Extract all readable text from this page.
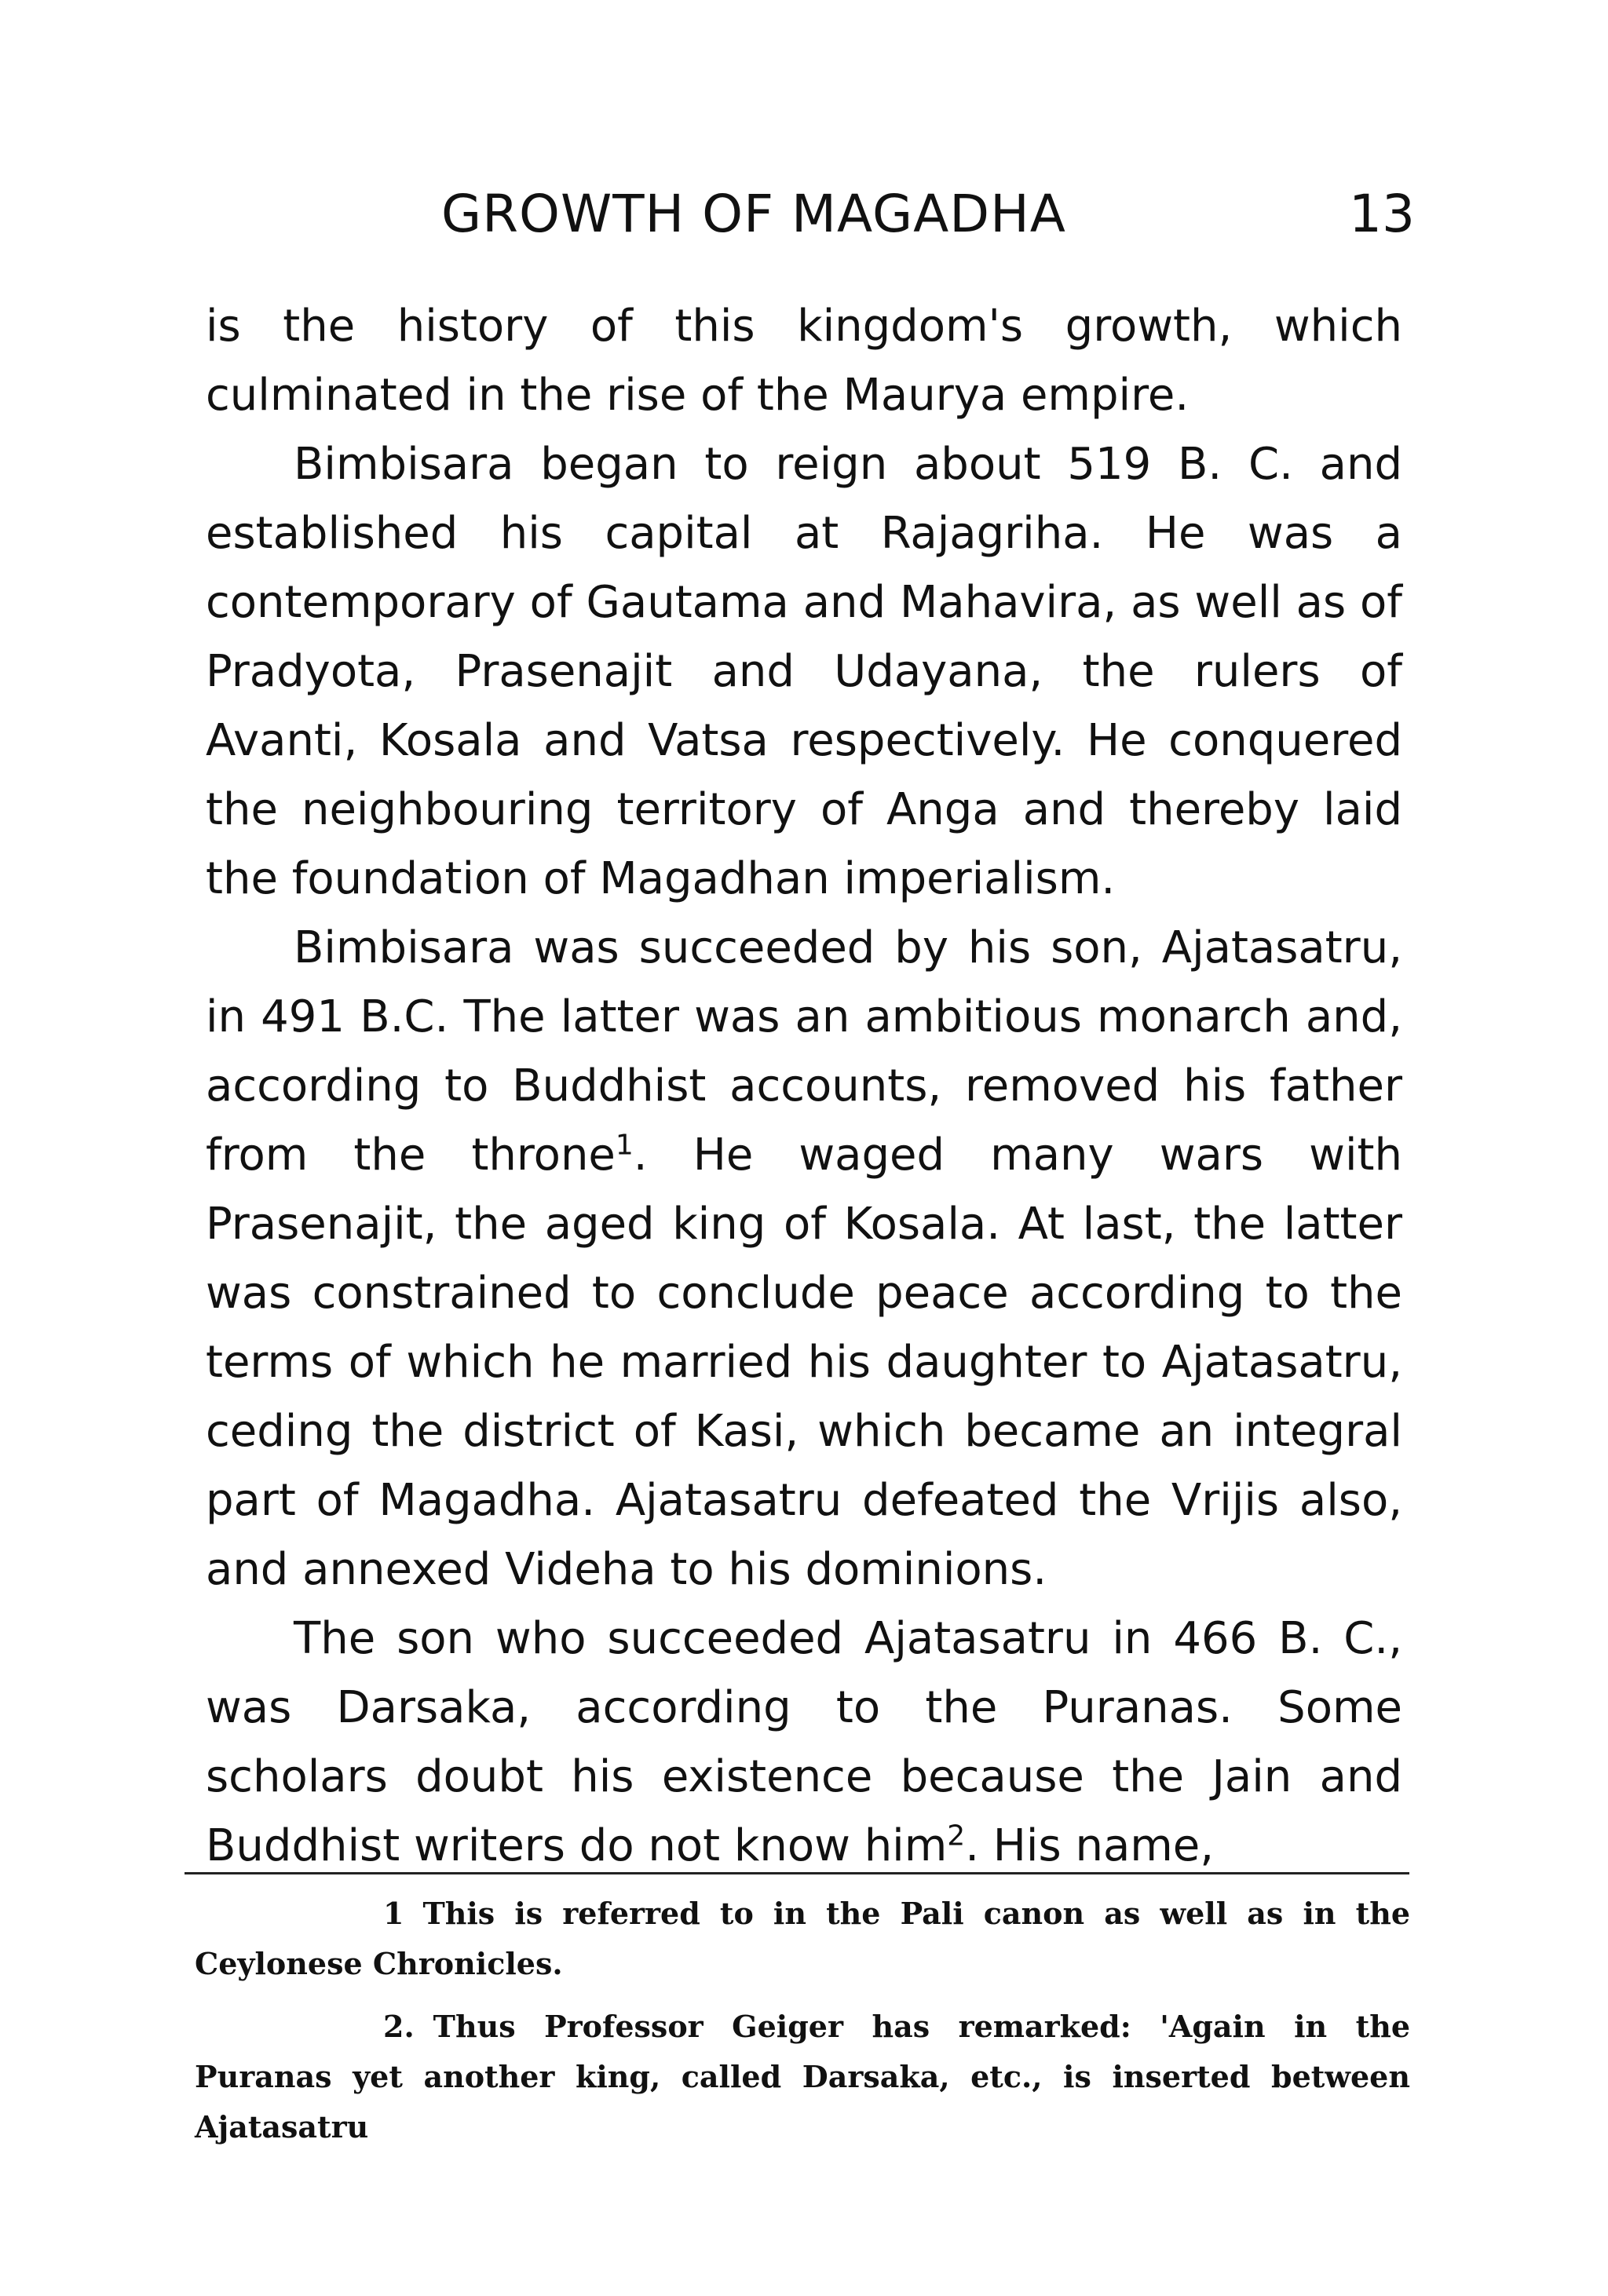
GROWTH OF MAGADHA	13

is the history of this kingdom's growth, which culminated in the rise of the Maurya empire.

Bimbisara began to reign about 519 B. C. and established his capital at Rajagriha. He was a contemporary of Gautama and Mahavira, as well as of Pradyota, Prasenajit and Udayana, the rulers of Avanti, Kosala and Vatsa respectively. He conquered the neighbouring territory of Anga and thereby laid the foundation of Magadhan imperialism.

Bimbisara was succeeded by his son, Ajatasatru, in 491 B.C. The latter was an ambitious monarch and, according to Buddhist accounts, removed his father from the throne$^1$. He waged many wars with Prasenajit, the aged king of Kosala. At last, the latter was constrained to conclude peace according to the terms of which he married his daughter to Ajatasatru, ceding the district of Kasi, which became an integral part of Magadha. Ajatasatru defeated the Vrijis also, and annexed Videha to his dominions.

The son who succeeded Ajatasatru in 466 B. C., was Darsaka, according to the Puranas. Some scholars doubt his existence because the Jain and Buddhist writers do not know him$^2$. His name,

1 This is referred to in the Pali canon as well as in the Ceylonese Chronicles.

2. Thus Professor Geiger has remarked: 'Again in the Puranas yet another king, called Darsaka, etc., is inserted between Ajatasatru
